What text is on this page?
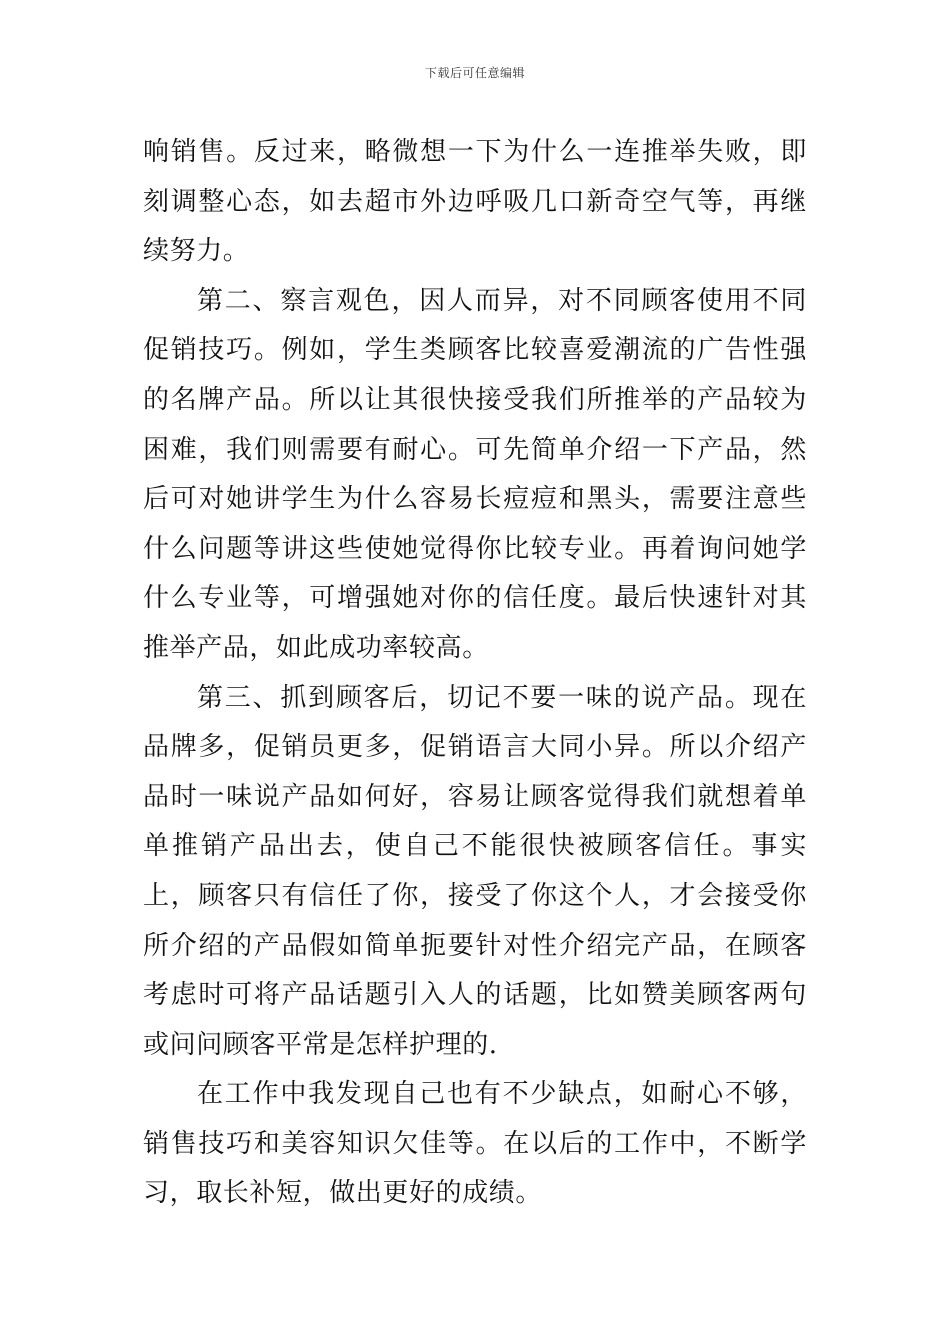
下载后可任意编辑

响销售。反过来，略微想一下为什么一连推举失败，即刻调整心态，如去超市外边呼吸几口新奇空气等，再继续努力。

第二、察言观色，因人而异，对不同顾客使用不同促销技巧。例如，学生类顾客比较喜爱潮流的广告性强的名牌产品。所以让其很快接受我们所推举的产品较为困难，我们则需要有耐心。可先简单介绍一下产品，然后可对她讲学生为什么容易长痘痘和黑头，需要注意些什么问题等讲这些使她觉得你比较专业。再着询问她学什么专业等，可增强她对你的信任度。最后快速针对其推举产品，如此成功率较高。

第三、抓到顾客后，切记不要一味的说产品。现在品牌多，促销员更多，促销语言大同小异。所以介绍产品时一味说产品如何好，容易让顾客觉得我们就想着单单推销产品出去，使自己不能很快被顾客信任。事实上，顾客只有信任了你，接受了你这个人，才会接受你所介绍的产品假如简单扼要针对性介绍完产品，在顾客考虑时可将产品话题引入人的话题，比如赞美顾客两句或问问顾客平常是怎样护理的.

在工作中我发现自己也有不少缺点，如耐心不够，销售技巧和美容知识欠佳等。在以后的工作中，不断学习，取长补短，做出更好的成绩。
